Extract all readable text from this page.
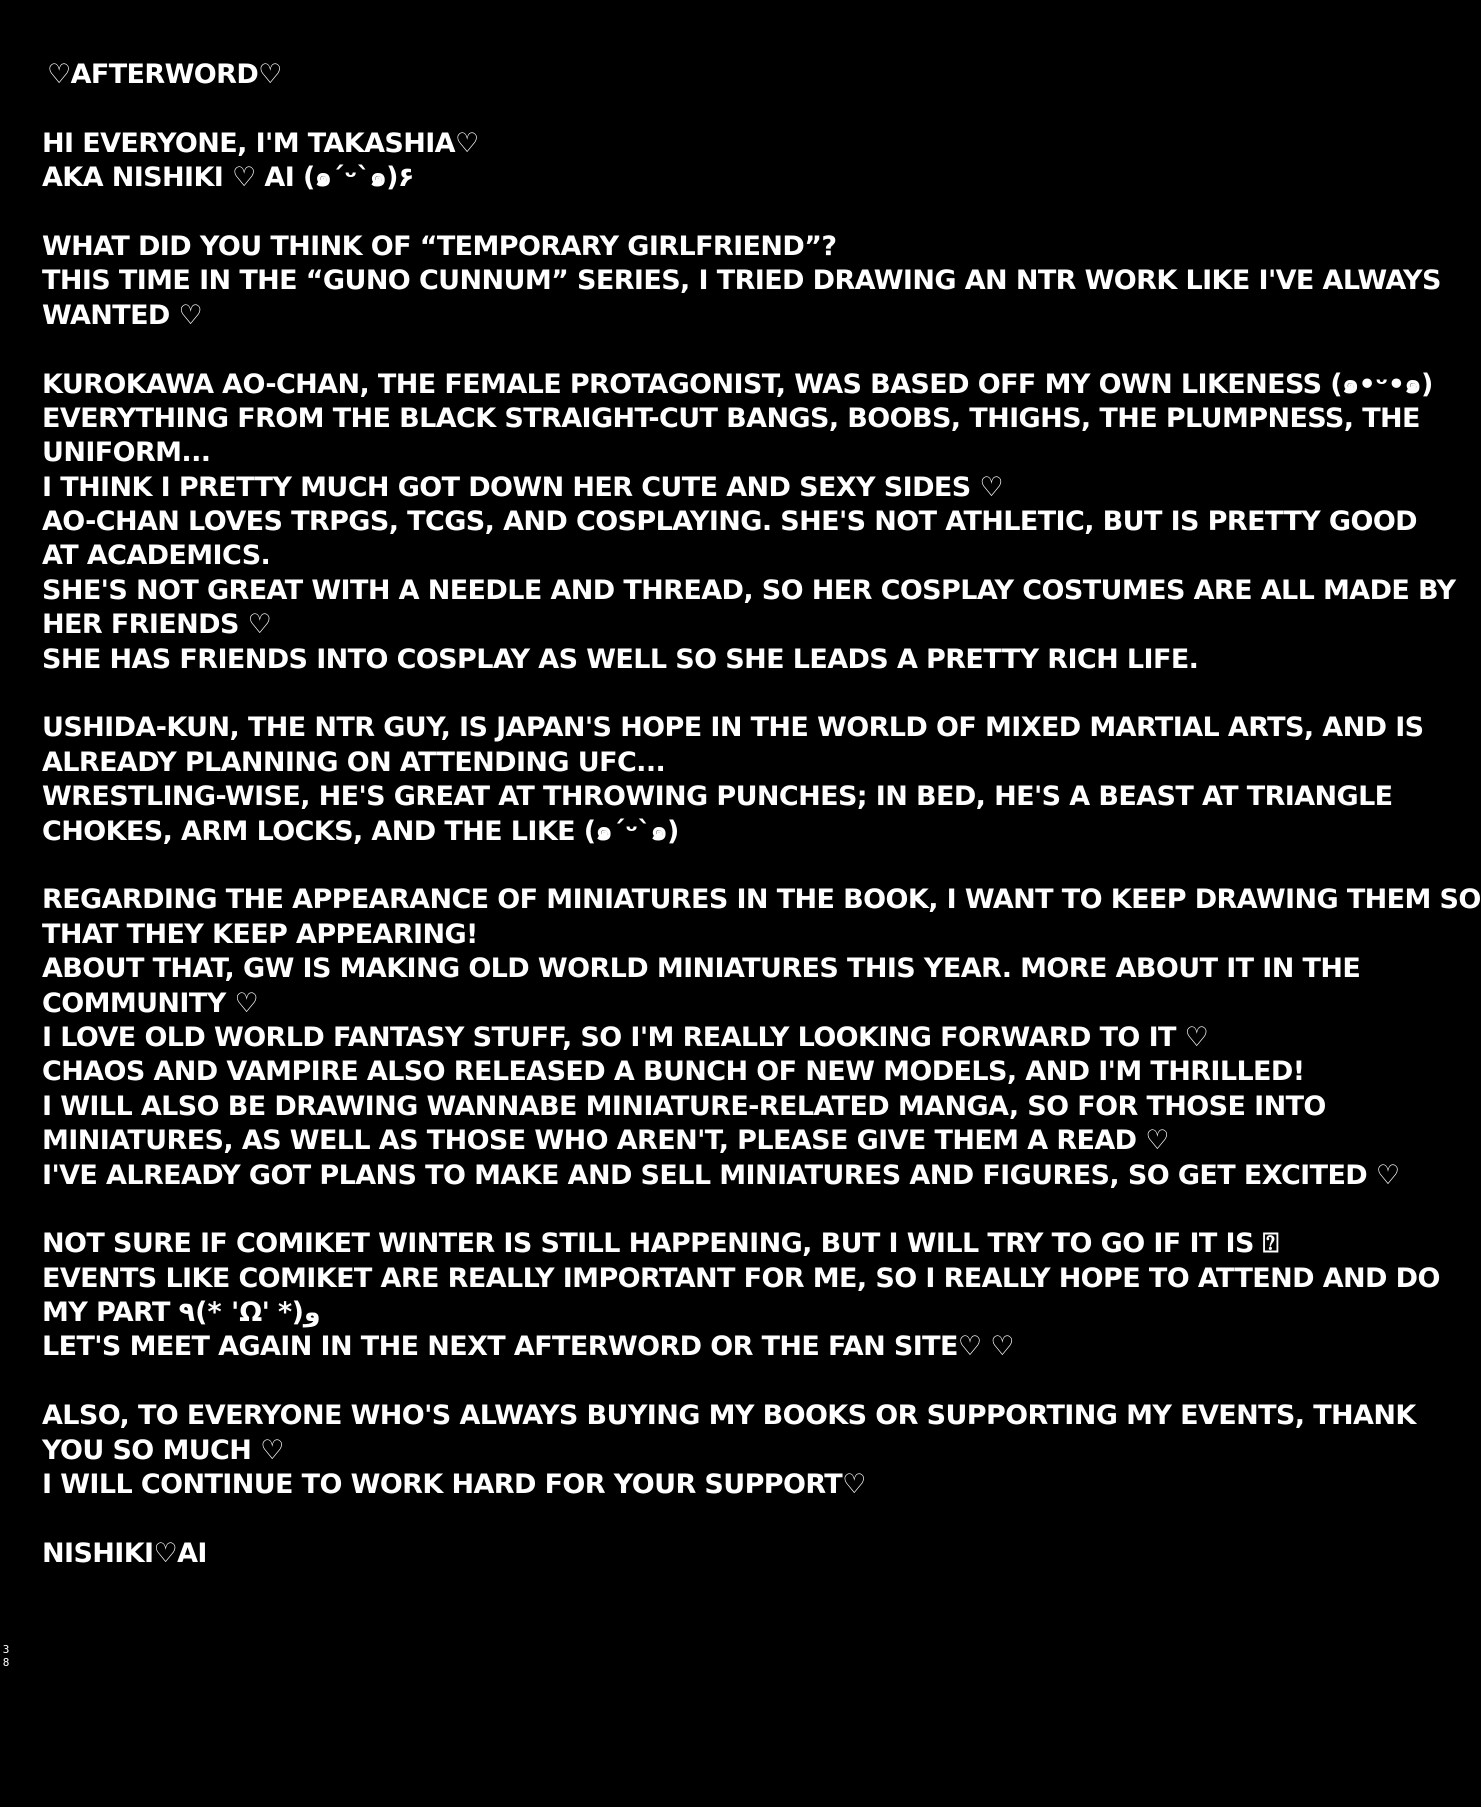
♡AFTERWORD♡
HI EVERYONE, I'M TAKASHIA♡
AKA NISHIKI ♡ AI (๑ˊᵕˋ๑)۶
WHAT DID YOU THINK OF “TEMPORARY GIRLFRIEND”?
THIS TIME IN THE “GUNO CUNNUM” SERIES, I TRIED DRAWING AN NTR WORK LIKE I'VE ALWAYS
WANTED ♡
KUROKAWA AO-CHAN, THE FEMALE PROTAGONIST, WAS BASED OFF MY OWN LIKENESS (๑•ᵕ•๑)
EVERYTHING FROM THE BLACK STRAIGHT-CUT BANGS, BOOBS, THIGHS, THE PLUMPNESS, THE
UNIFORM...
I THINK I PRETTY MUCH GOT DOWN HER CUTE AND SEXY SIDES ♡
AO-CHAN LOVES TRPGS, TCGS, AND COSPLAYING. SHE'S NOT ATHLETIC, BUT IS PRETTY GOOD
AT ACADEMICS.
SHE'S NOT GREAT WITH A NEEDLE AND THREAD, SO HER COSPLAY COSTUMES ARE ALL MADE BY
HER FRIENDS ♡
SHE HAS FRIENDS INTO COSPLAY AS WELL SO SHE LEADS A PRETTY RICH LIFE.
USHIDA-KUN, THE NTR GUY, IS JAPAN'S HOPE IN THE WORLD OF MIXED MARTIAL ARTS, AND IS
ALREADY PLANNING ON ATTENDING UFC...
WRESTLING-WISE, HE'S GREAT AT THROWING PUNCHES; IN BED, HE'S A BEAST AT TRIANGLE
CHOKES, ARM LOCKS, AND THE LIKE (๑ˊᵕˋ๑)
REGARDING THE APPEARANCE OF MINIATURES IN THE BOOK, I WANT TO KEEP DRAWING THEM SO
THAT THEY KEEP APPEARING!
ABOUT THAT, GW IS MAKING OLD WORLD MINIATURES THIS YEAR. MORE ABOUT IT IN THE
COMMUNITY ♡
I LOVE OLD WORLD FANTASY STUFF, SO I'M REALLY LOOKING FORWARD TO IT ♡
CHAOS AND VAMPIRE ALSO RELEASED A BUNCH OF NEW MODELS, AND I'M THRILLED!
I WILL ALSO BE DRAWING WANNABE MINIATURE-RELATED MANGA, SO FOR THOSE INTO
MINIATURES, AS WELL AS THOSE WHO AREN'T, PLEASE GIVE THEM A READ ♡
I'VE ALREADY GOT PLANS TO MAKE AND SELL MINIATURES AND FIGURES, SO GET EXCITED ♡
NOT SURE IF COMIKET WINTER IS STILL HAPPENING, BUT I WILL TRY TO GO IF IT IS ⍰
EVENTS LIKE COMIKET ARE REALLY IMPORTANT FOR ME, SO I REALLY HOPE TO ATTEND AND DO
MY PART ٩(* 'Ω' *)و
LET'S MEET AGAIN IN THE NEXT AFTERWORD OR THE FAN SITE♡ ♡
ALSO, TO EVERYONE WHO'S ALWAYS BUYING MY BOOKS OR SUPPORTING MY EVENTS, THANK
YOU SO MUCH ♡
I WILL CONTINUE TO WORK HARD FOR YOUR SUPPORT♡
NISHIKI♡AI
3
8
